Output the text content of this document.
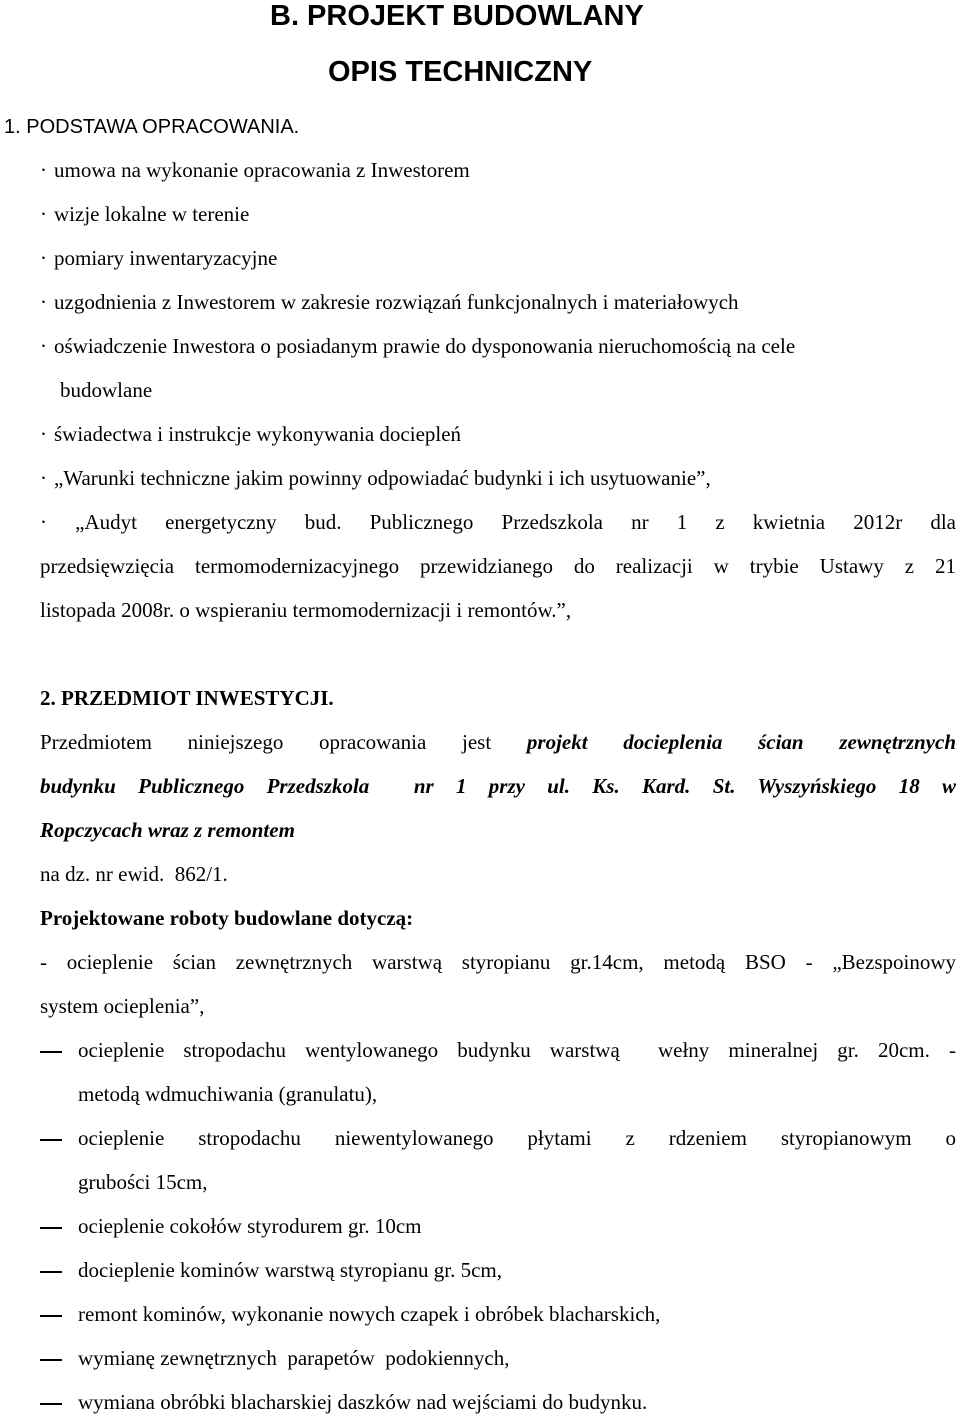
B. PROJEKT BUDOWLANY
OPIS TECHNICZNY
1. PODSTAWA OPRACOWANIA.
· umowa na wykonanie opracowania z Inwestorem
· wizje lokalne w terenie
· pomiary inwentaryzacyjne
· uzgodnienia z Inwestorem w zakresie rozwiązań funkcjonalnych i materiałowych
· oświadczenie Inwestora o posiadanym prawie do dysponowania nieruchomością na cele
budowlane
· świadectwa i instrukcje wykonywania dociepleń
· „Warunki techniczne jakim powinny odpowiadać budynki i ich usytuowanie”,
· „Audyt energetyczny bud. Publicznego Przedszkola nr 1 z kwietnia 2012r dla
przedsięwzięcia termomodernizacyjnego przewidzianego do realizacji w trybie Ustawy z 21
listopada 2008r. o wspieraniu termomodernizacji i remontów.”,
2. PRZEDMIOT INWESTYCJI.
Przedmiotem niniejszego opracowania jest projekt docieplenia ścian zewnętrznych
budynku Publicznego Przedszkola  nr 1 przy ul. Ks. Kard. St. Wyszyńskiego 18 w
Ropczycach wraz z remontem
na dz. nr ewid.  862/1.
Projektowane roboty budowlane dotyczą:
- ocieplenie ścian zewnętrznych warstwą styropianu gr.14cm, metodą BSO - „Bezspoinowy
system ocieplenia”,
ocieplenie stropodachu wentylowanego budynku warstwą  wełny mineralnej gr. 20cm. -
metodą wdmuchiwania (granulatu),
ocieplenie stropodachu niewentylowanego płytami z rdzeniem styropianowym o
grubości 15cm,
ocieplenie cokołów styrodurem gr. 10cm
docieplenie kominów warstwą styropianu gr. 5cm,
remont kominów, wykonanie nowych czapek i obróbek blacharskich,
wymianę zewnętrznych  parapetów  podokiennych,
wymiana obróbki blacharskiej daszków nad wejściami do budynku.
